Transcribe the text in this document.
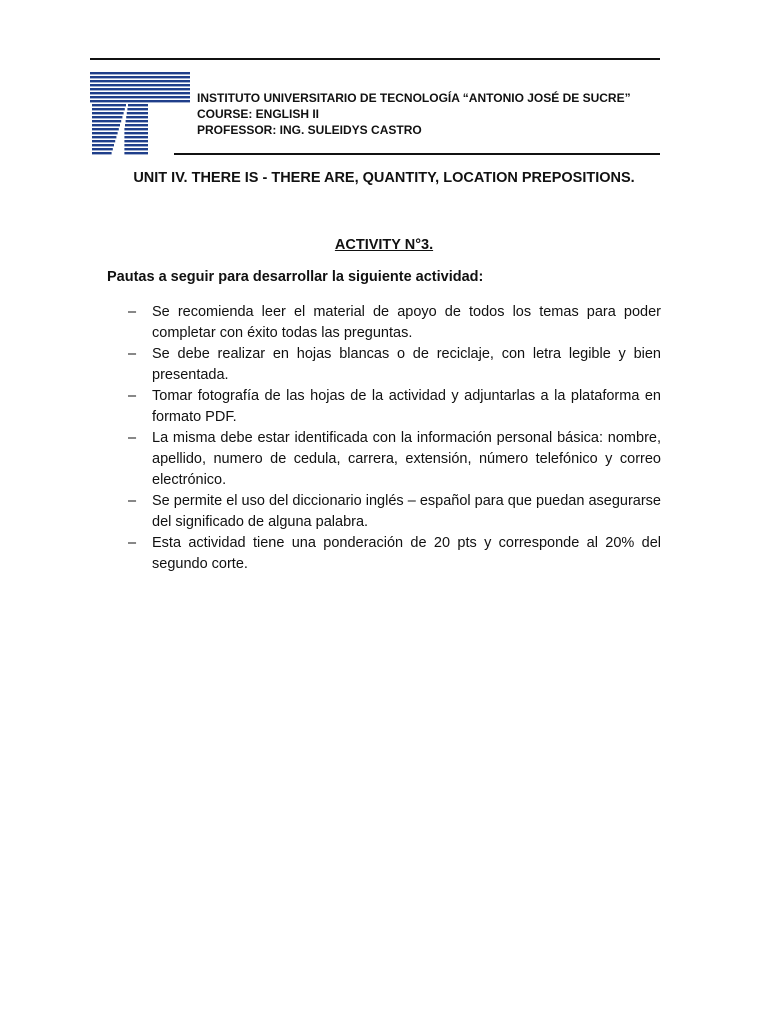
INSTITUTO UNIVERSITARIO DE TECNOLOGÍA “ANTONIO JOSÉ DE SUCRE”
COURSE: ENGLISH II
PROFESSOR: ING. SULEIDYS CASTRO
UNIT IV. THERE IS - THERE ARE, QUANTITY, LOCATION PREPOSITIONS.
ACTIVITY N°3.
Pautas a seguir para desarrollar la siguiente actividad:
– Se recomienda leer el material de apoyo de todos los temas para poder completar con éxito todas las preguntas.
– Se debe realizar en hojas blancas o de reciclaje, con letra legible y bien presentada.
– Tomar fotografía de las hojas de la actividad y adjuntarlas a la plataforma en formato PDF.
– La misma debe estar identificada con la información personal básica: nombre, apellido, numero de cedula, carrera, extensión, número telefónico y correo electrónico.
– Se permite el uso del diccionario inglés – español para que puedan asegurarse del significado de alguna palabra.
– Esta actividad tiene una ponderación de 20 pts y corresponde al 20% del segundo corte.
